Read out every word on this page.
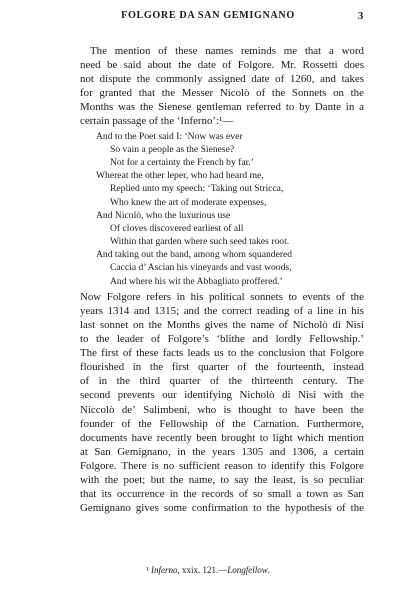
FOLGORE DA SAN GEMIGNANO	3
The mention of these names reminds me that a word
need be said about the date of Folgore. Mr. Rossetti does
not dispute the commonly assigned date of 1260, and takes
for granted that the Messer Nicolò of the Sonnets on the
Months was the Sienese gentleman referred to by Dante in a
certain passage of the ‘Inferno’:¹—
And to the Poet said I: ‘Now was ever
So vain a people as the Sienese?
Not for a certainty the French by far.’
Whereat the other leper, who had heard me,
Replied unto my speech: ‘Taking out Stricca,
Who knew the art of moderate expenses,
And Nicolò, who the luxurious use
Of cloves discovered earliest of all
Within that garden where such seed takes root.
And taking out the band, among whom squandered
Caccia d’ Ascian his vineyards and vast woods,
And where his wit the Abbagliato proffered.’
Now Folgore refers in his political sonnets to events of the
years 1314 and 1315; and the correct reading of a line in his
last sonnet on the Months gives the name of Nicholò di Nisi
to the leader of Folgore’s ‘blithe and lordly Fellowship.’
The first of these facts leads us to the conclusion that Folgore
flourished in the first quarter of the fourteenth, instead
of in the third quarter of the thirteenth century. The
second prevents our identifying Nicholò di Nisi with the
Niccolò de’ Salimbeni, who is thought to have been the
founder of the Fellowship of the Carnation. Furthermore,
documents have recently been brought to light which mention
at San Gemignano, in the years 1305 and 1306, a certain
Folgore. There is no sufficient reason to identify this Folgore
with the poet; but the name, to say the least, is so peculiar
that its occurrence in the records of so small a town as San
Gemignano gives some confirmation to the hypothesis of the
¹ Inferno, xxix. 121.—Longfellow.
